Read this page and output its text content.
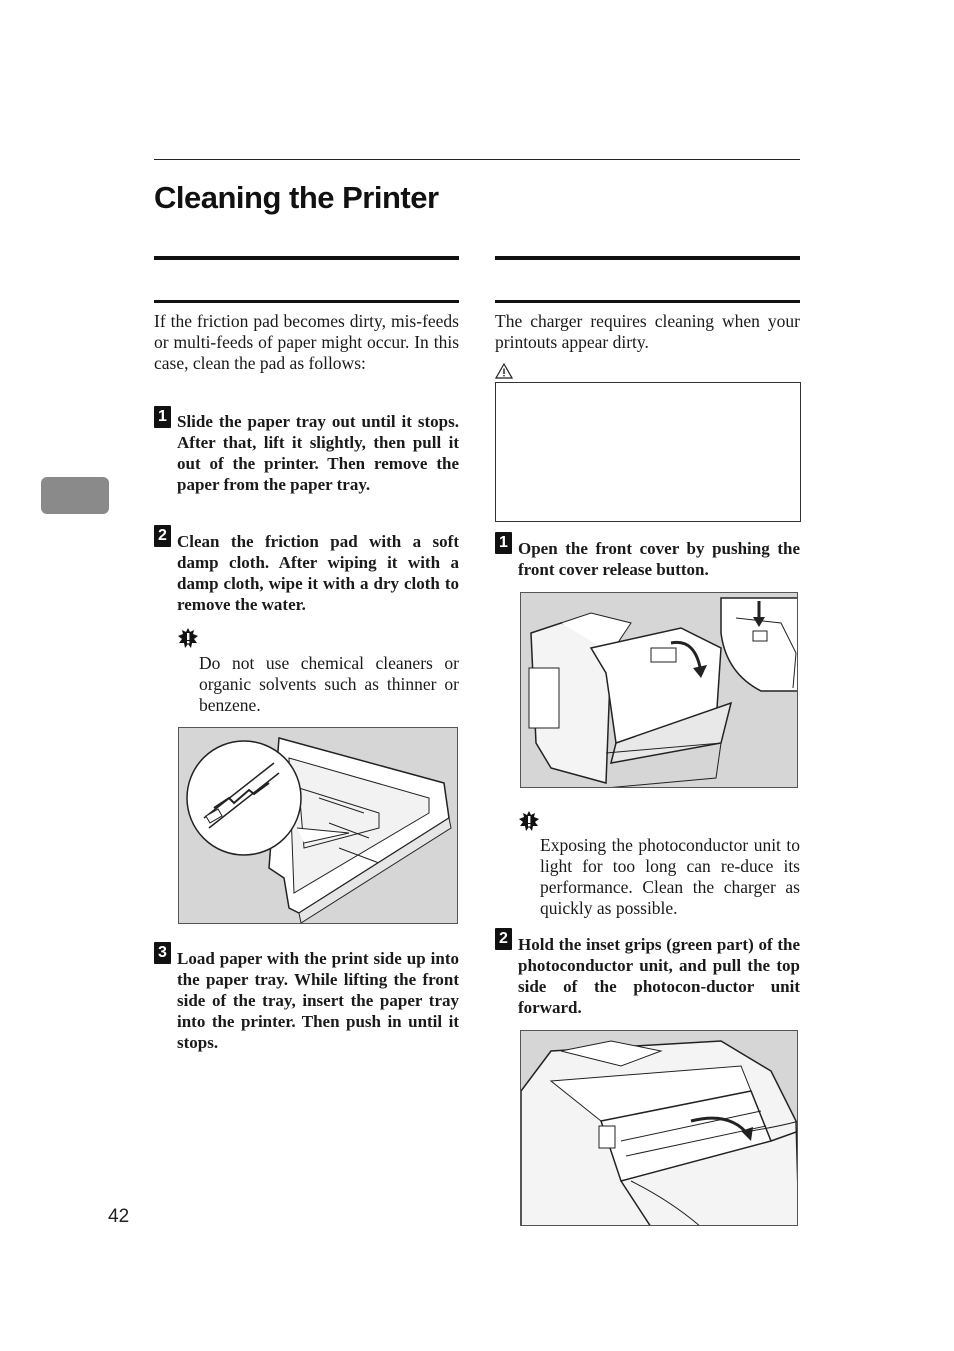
Cleaning the Printer
If the friction pad becomes dirty, mis-feeds or multi-feeds of paper might occur. In this case, clean the pad as follows:
1 Slide the paper tray out until it stops. After that, lift it slightly, then pull it out of the printer. Then remove the paper from the paper tray.
2 Clean the friction pad with a soft damp cloth. After wiping it with a damp cloth, wipe it with a dry cloth to remove the water.
Do not use chemical cleaners or organic solvents such as thinner or benzene.
3 Load paper with the print side up into the paper tray. While lifting the front side of the tray, insert the paper tray into the printer. Then push in until it stops.
The charger requires cleaning when your printouts appear dirty.
1 Open the front cover by pushing the front cover release button.
Exposing the photoconductor unit to light for too long can re-duce its performance. Clean the charger as quickly as possible.
2 Hold the inset grips (green part) of the photoconductor unit, and pull the top side of the photocon-ductor unit forward.
42
